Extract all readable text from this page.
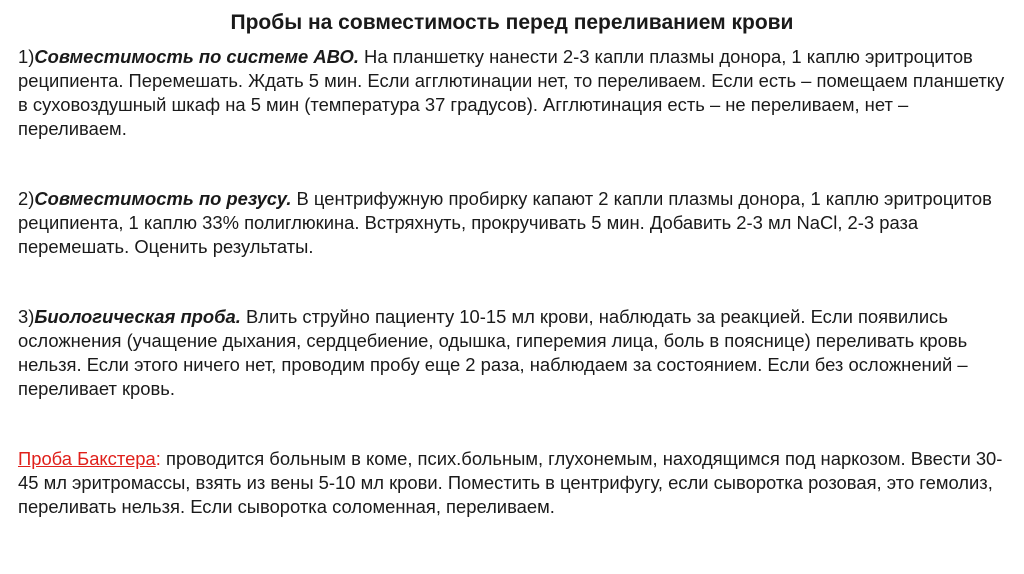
Пробы на совместимость перед переливанием крови

1)Совместимость по системе АВО. На планшетку нанести 2-3 капли плазмы донора, 1 каплю эритроцитов реципиента. Перемешать. Ждать 5 мин. Если агглютинации нет, то переливаем. Если есть – помещаем планшетку в суховоздушный шкаф на 5 мин (температура 37 градусов). Агглютинация есть – не переливаем, нет – переливаем.

2)Совместимость по резусу. В центрифужную пробирку капают 2 капли плазмы донора, 1 каплю эритроцитов реципиента, 1 каплю 33% полиглюкина. Встряхнуть, прокручивать 5 мин. Добавить 2-3 мл NaCl, 2-3 раза перемешать. Оценить результаты.

3)Биологическая проба. Влить струйно пациенту 10-15 мл крови, наблюдать за реакцией. Если появились осложнения (учащение дыхания, сердцебиение, одышка, гиперемия лица, боль в пояснице) переливать кровь нельзя. Если этого ничего нет, проводим пробу еще 2 раза, наблюдаем за состоянием. Если без осложнений – переливает кровь.

Проба Бакстера: проводится больным в коме, псих.больным, глухонемым, находящимся под наркозом. Ввести 30-45 мл эритромассы, взять из вены 5-10 мл крови. Поместить в центрифугу, если сыворотка розовая, это гемолиз, переливать нельзя. Если сыворотка соломенная, переливаем.
